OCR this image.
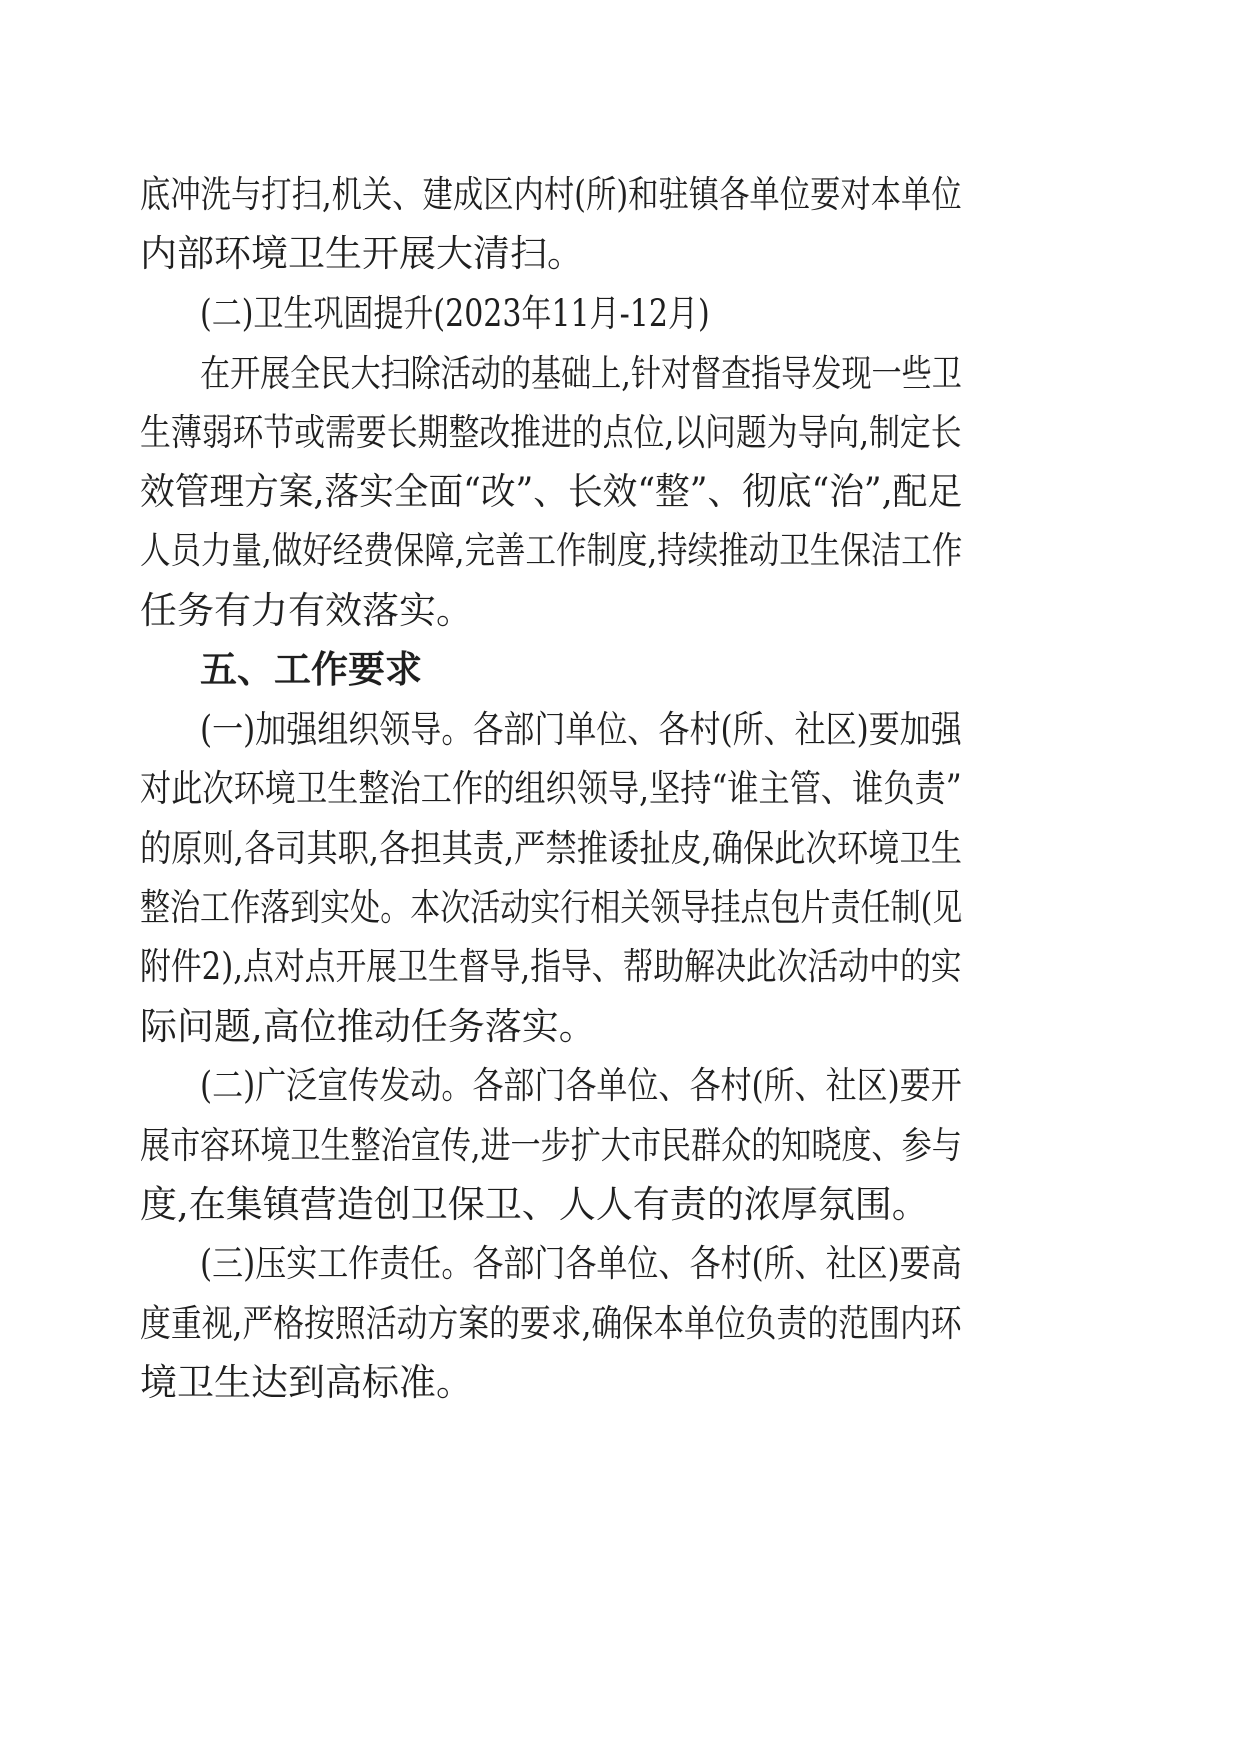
底冲洗与打扫,机关、建成区内村(所)和驻镇各单位要对本单位
内部环境卫生开展大清扫。
(二)卫生巩固提升(2023年11月-12月)
在开展全民大扫除活动的基础上,针对督查指导发现一些卫
生薄弱环节或需要长期整改推进的点位,以问题为导向,制定长
效管理方案,落实全面“改”、长效“整”、彻底“治”,配足
人员力量,做好经费保障,完善工作制度,持续推动卫生保洁工作
任务有力有效落实。
五、工作要求
(一)加强组织领导。各部门单位、各村(所、社区)要加强
对此次环境卫生整治工作的组织领导,坚持“谁主管、谁负责”
的原则,各司其职,各担其责,严禁推诿扯皮,确保此次环境卫生
整治工作落到实处。本次活动实行相关领导挂点包片责任制(见
附件2),点对点开展卫生督导,指导、帮助解决此次活动中的实
际问题,高位推动任务落实。
(二)广泛宣传发动。各部门各单位、各村(所、社区)要开
展市容环境卫生整治宣传,进一步扩大市民群众的知晓度、参与
度,在集镇营造创卫保卫、人人有责的浓厚氛围。
(三)压实工作责任。各部门各单位、各村(所、社区)要高
度重视,严格按照活动方案的要求,确保本单位负责的范围内环
境卫生达到高标准。
